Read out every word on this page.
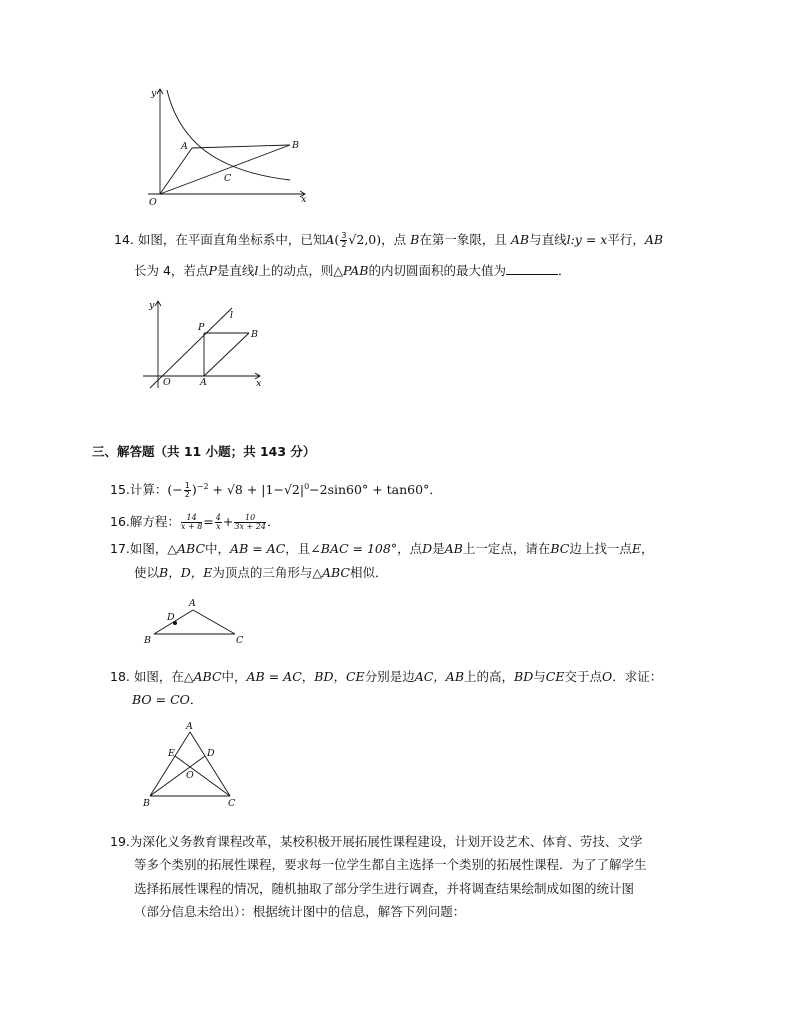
y
x
O
A	B
C
14. 如图，在平面直角坐标系中，已知$A( \frac{3}{2} √2,0)$，点 B在第一象限，且 AB与直线l:y = x平行，AB
长为 4，若点P是直线l上的动点，则△PAB的内切圆面积的最大值为	．
y
l
P
B
O	A	x
三、解答题（共 11 小题；共 143 分）
15.计算：(− $\frac{1}{2} )^{-2} + √8 + |1-√2|^0-2\sin 60^\circ + \tan 60^\circ$．
16.解方程： $\frac{14}{x + 8} = \frac{4}{x} + \frac{10}{3x + 24}$ ．
17.如图，△ABC中，AB = AC，且∠BAC = 108°，点D是AB上一定点，请在BC边上找一点E，
使以B，D，E为顶点的三角形与△ABC相似．
A
D
B	C
18. 如图，在△ABC中，AB = AC，BD，CE分别是边AC，AB上的高，BD与CE交于点O．求证：
BO = CO．
A
E	D
O
B	C
19.为深化义务教育课程改革，某校积极开展拓展性课程建设，计划开设艺术、体育、劳技、文学
等多个类别的拓展性课程，要求每一位学生都自主选择一个类别的拓展性课程．为了了解学生
选择拓展性课程的情况，随机抽取了部分学生进行调查，并将调查结果绘制成如图的统计图
（部分信息未给出）：根据统计图中的信息，解答下列问题：
